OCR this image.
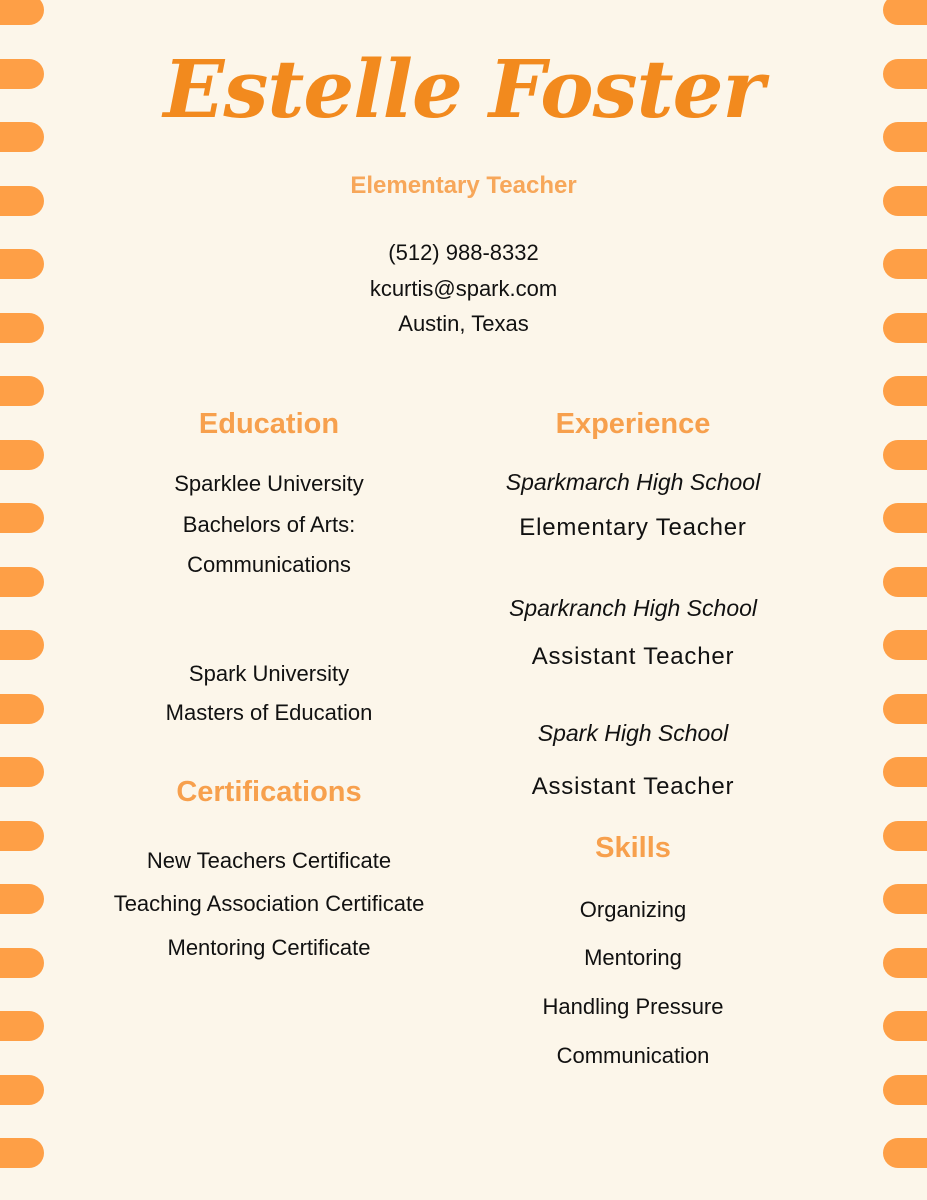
Estelle Foster
Elementary Teacher
(512) 988-8332
kcurtis@spark.com
Austin, Texas
Education
Sparklee University
Bachelors of Arts:
Communications
Spark University
Masters of Education
Certifications
New Teachers Certificate
Teaching Association Certificate
Mentoring Certificate
Experience
Sparkmarch High School
Elementary Teacher
Sparkranch High School
Assistant Teacher
Spark High School
Assistant Teacher
Skills
Organizing
Mentoring
Handling Pressure
Communication
